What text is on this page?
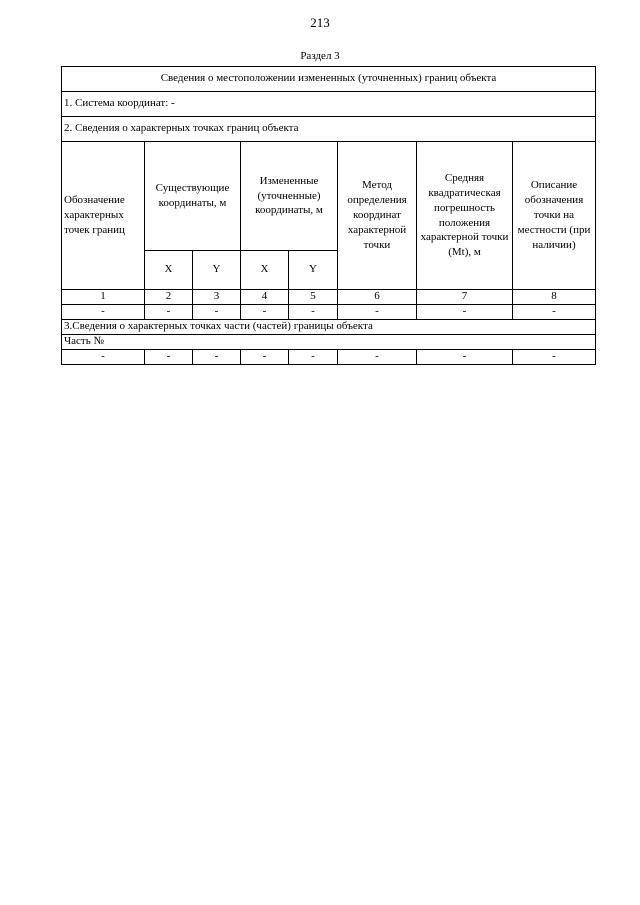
213
Раздел 3
Сведения о местоположении измененных (уточненных) границ объекта							
1. Система координат: -							
2. Сведения о характерных точках границ объекта							
Обозначение характерных точек границ	Существующие координаты, м		Измененные (уточненные) координаты, м		Метод определения координат характерной точки	Средняя квадратическая погрешность положения характерной точки (Mt), м	Описание обозначения точки на местности (при наличии)
	X	Y	X	Y			
1	2	3	4	5	6	7	8
-	-	-	-	-	-	-	-
3.Сведения о характерных точках части (частей) границы объекта							
Часть №							
-	-	-	-	-	-	-	-
